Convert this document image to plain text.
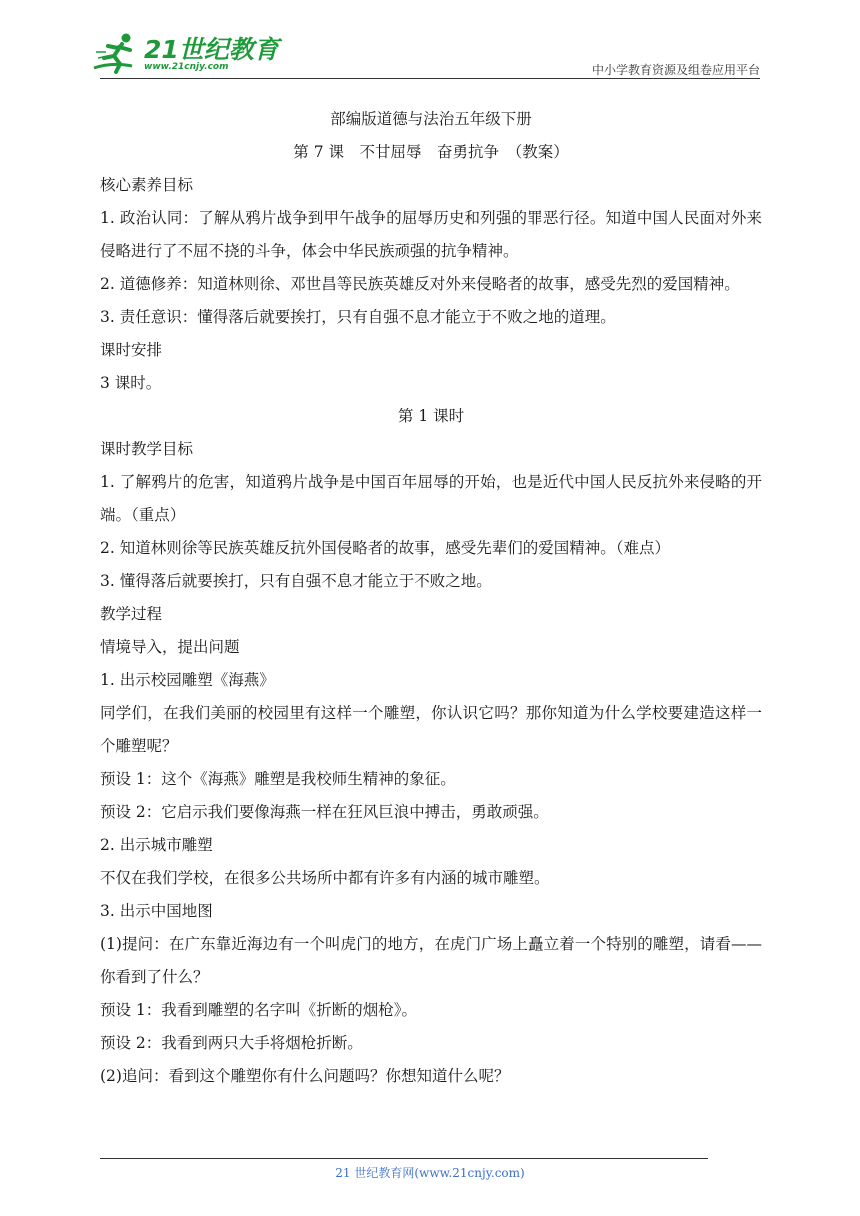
21世纪教育
www.21cnjy.com	中小学教育资源及组卷应用平台
部编版道德与法治五年级下册
第 7 课　不甘屈辱　奋勇抗争　（教案）
核心素养目标
1. 政治认同：了解从鸦片战争到甲午战争的屈辱历史和列强的罪恶行径。知道中国人民面对外来侵略进行了不屈不挠的斗争，体会中华民族顽强的抗争精神。
2. 道德修养：知道林则徐、邓世昌等民族英雄反对外来侵略者的故事，感受先烈的爱国精神。
3. 责任意识：懂得落后就要挨打，只有自强不息才能立于不败之地的道理。
课时安排
3 课时。
第 1 课时
课时教学目标
1. 了解鸦片的危害，知道鸦片战争是中国百年屈辱的开始，也是近代中国人民反抗外来侵略的开端。（重点）
2. 知道林则徐等民族英雄反抗外国侵略者的故事，感受先辈们的爱国精神。（难点）
3. 懂得落后就要挨打，只有自强不息才能立于不败之地。
教学过程
情境导入，提出问题
1. 出示校园雕塑《海燕》
同学们，在我们美丽的校园里有这样一个雕塑，你认识它吗？那你知道为什么学校要建造这样一个雕塑呢？
预设 1：这个《海燕》雕塑是我校师生精神的象征。
预设 2：它启示我们要像海燕一样在狂风巨浪中搏击，勇敢顽强。
2. 出示城市雕塑
不仅在我们学校，在很多公共场所中都有许多有内涵的城市雕塑。
3. 出示中国地图
(1)提问：在广东靠近海边有一个叫虎门的地方，在虎门广场上矗立着一个特别的雕塑，请看——你看到了什么？
预设 1：我看到雕塑的名字叫《折断的烟枪》。
预设 2：我看到两只大手将烟枪折断。
(2)追问：看到这个雕塑你有什么问题吗？你想知道什么呢？
21 世纪教育网(www.21cnjy.com)
